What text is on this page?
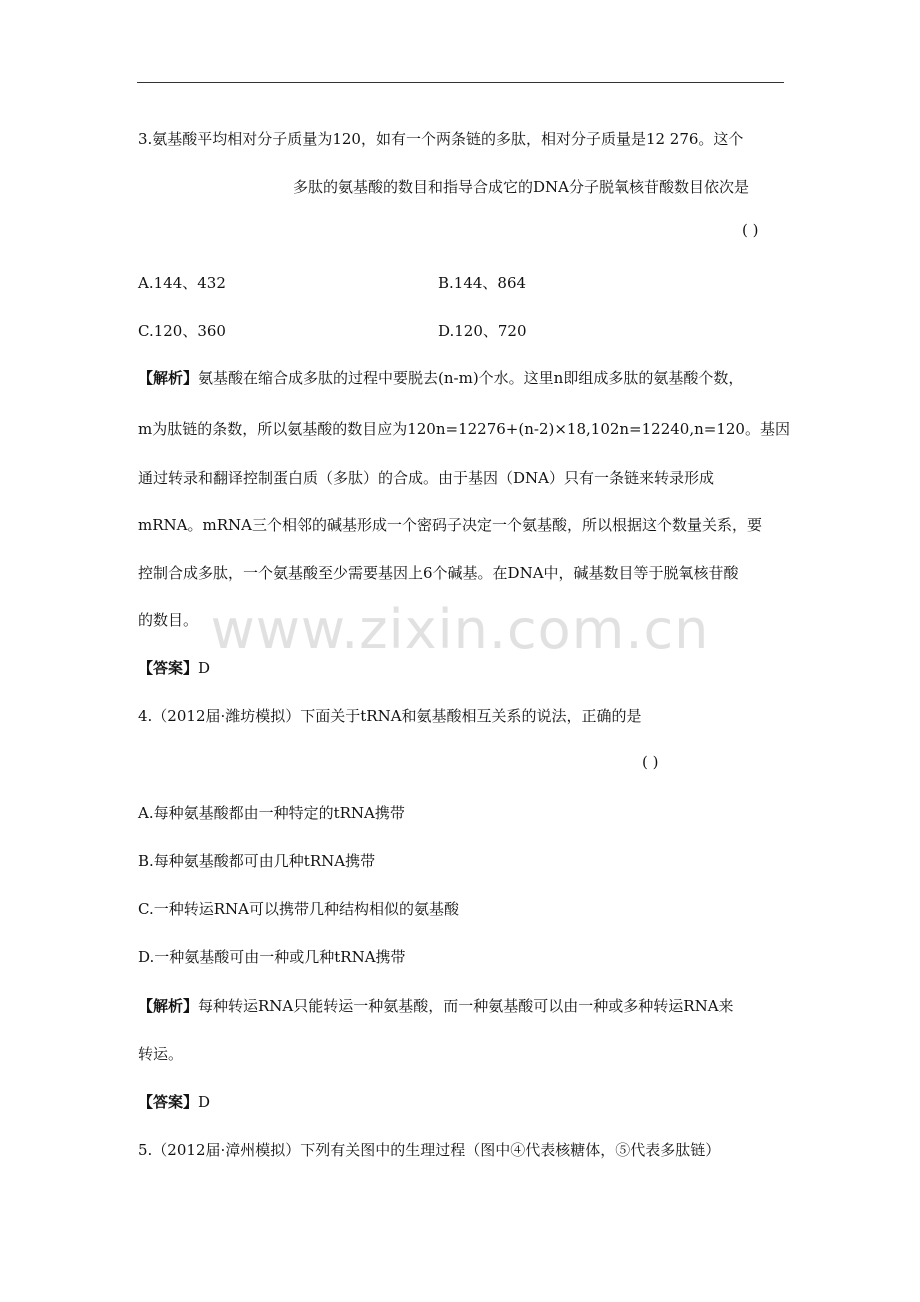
www.zixin.com.cn
3.氨基酸平均相对分子质量为120，如有一个两条链的多肽，相对分子质量是12 276。这个
多肽的氨基酸的数目和指导合成它的DNA分子脱氧核苷酸数目依次是
( )
A.144、432	B.144、864
C.120、360	D.120、720
【解析】氨基酸在缩合成多肽的过程中要脱去(n-m)个水。这里n即组成多肽的氨基酸个数，
m为肽链的条数，所以氨基酸的数目应为120n=12276+(n-2)×18,102n=12240,n=120。基因
通过转录和翻译控制蛋白质（多肽）的合成。由于基因（DNA）只有一条链来转录形成
mRNA。mRNA三个相邻的碱基形成一个密码子决定一个氨基酸，所以根据这个数量关系，要
控制合成多肽，一个氨基酸至少需要基因上6个碱基。在DNA中，碱基数目等于脱氧核苷酸
的数目。
【答案】D
4.（2012届·潍坊模拟）下面关于tRNA和氨基酸相互关系的说法，正确的是
( )
A.每种氨基酸都由一种特定的tRNA携带
B.每种氨基酸都可由几种tRNA携带
C.一种转运RNA可以携带几种结构相似的氨基酸
D.一种氨基酸可由一种或几种tRNA携带
【解析】每种转运RNA只能转运一种氨基酸，而一种氨基酸可以由一种或多种转运RNA来
转运。
【答案】D
5.（2012届·漳州模拟）下列有关图中的生理过程（图中④代表核糖体，⑤代表多肽链）
